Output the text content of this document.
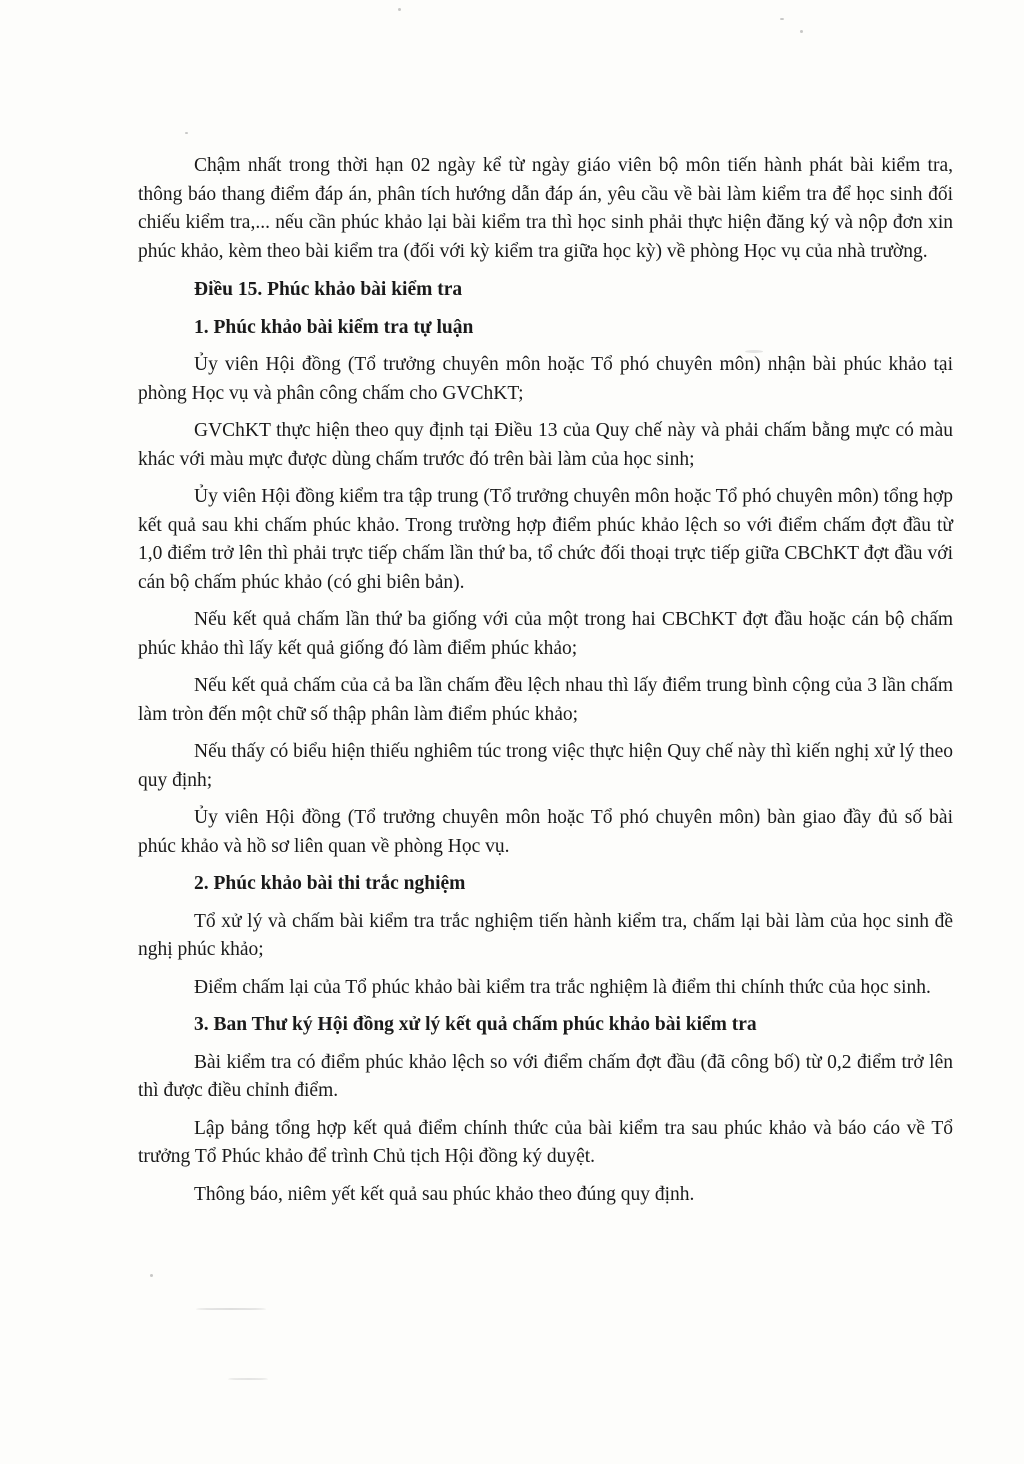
Chậm nhất trong thời hạn 02 ngày kể từ ngày giáo viên bộ môn tiến hành phát bài kiểm tra, thông báo thang điểm đáp án, phân tích hướng dẫn đáp án, yêu cầu về bài làm kiểm tra để học sinh đối chiếu kiểm tra,... nếu cần phúc khảo lại bài kiểm tra thì học sinh phải thực hiện đăng ký và nộp đơn xin phúc khảo, kèm theo bài kiểm tra (đối với kỳ kiểm tra giữa học kỳ) về phòng Học vụ của nhà trường.

Điều 15. Phúc khảo bài kiểm tra
1. Phúc khảo bài kiểm tra tự luận

Ủy viên Hội đồng (Tổ trưởng chuyên môn hoặc Tổ phó chuyên môn) nhận bài phúc khảo tại phòng Học vụ và phân công chấm cho GVChKT;

GVChKT thực hiện theo quy định tại Điều 13 của Quy chế này và phải chấm bằng mực có màu khác với màu mực được dùng chấm trước đó trên bài làm của học sinh;

Ủy viên Hội đồng kiểm tra tập trung (Tổ trưởng chuyên môn hoặc Tổ phó chuyên môn) tổng hợp kết quả sau khi chấm phúc khảo. Trong trường hợp điểm phúc khảo lệch so với điểm chấm đợt đầu từ 1,0 điểm trở lên thì phải trực tiếp chấm lần thứ ba, tổ chức đối thoại trực tiếp giữa CBChKT đợt đầu với cán bộ chấm phúc khảo (có ghi biên bản).

Nếu kết quả chấm lần thứ ba giống với của một trong hai CBChKT đợt đầu hoặc cán bộ chấm phúc khảo thì lấy kết quả giống đó làm điểm phúc khảo;

Nếu kết quả chấm của cả ba lần chấm đều lệch nhau thì lấy điểm trung bình cộng của 3 lần chấm làm tròn đến một chữ số thập phân làm điểm phúc khảo;

Nếu thấy có biểu hiện thiếu nghiêm túc trong việc thực hiện Quy chế này thì kiến nghị xử lý theo quy định;

Ủy viên Hội đồng (Tổ trưởng chuyên môn hoặc Tổ phó chuyên môn) bàn giao đầy đủ số bài phúc khảo và hồ sơ liên quan về phòng Học vụ.

2. Phúc khảo bài thi trắc nghiệm

Tổ xử lý và chấm bài kiểm tra trắc nghiệm tiến hành kiểm tra, chấm lại bài làm của học sinh đề nghị phúc khảo;

Điểm chấm lại của Tổ phúc khảo bài kiểm tra trắc nghiệm là điểm thi chính thức của học sinh.

3. Ban Thư ký Hội đồng xử lý kết quả chấm phúc khảo bài kiểm tra

Bài kiểm tra có điểm phúc khảo lệch so với điểm chấm đợt đầu (đã công bố) từ 0,2 điểm trở lên thì được điều chỉnh điểm.

Lập bảng tổng hợp kết quả điểm chính thức của bài kiểm tra sau phúc khảo và báo cáo về Tổ trưởng Tổ Phúc khảo để trình Chủ tịch Hội đồng ký duyệt.

Thông báo, niêm yết kết quả sau phúc khảo theo đúng quy định.
